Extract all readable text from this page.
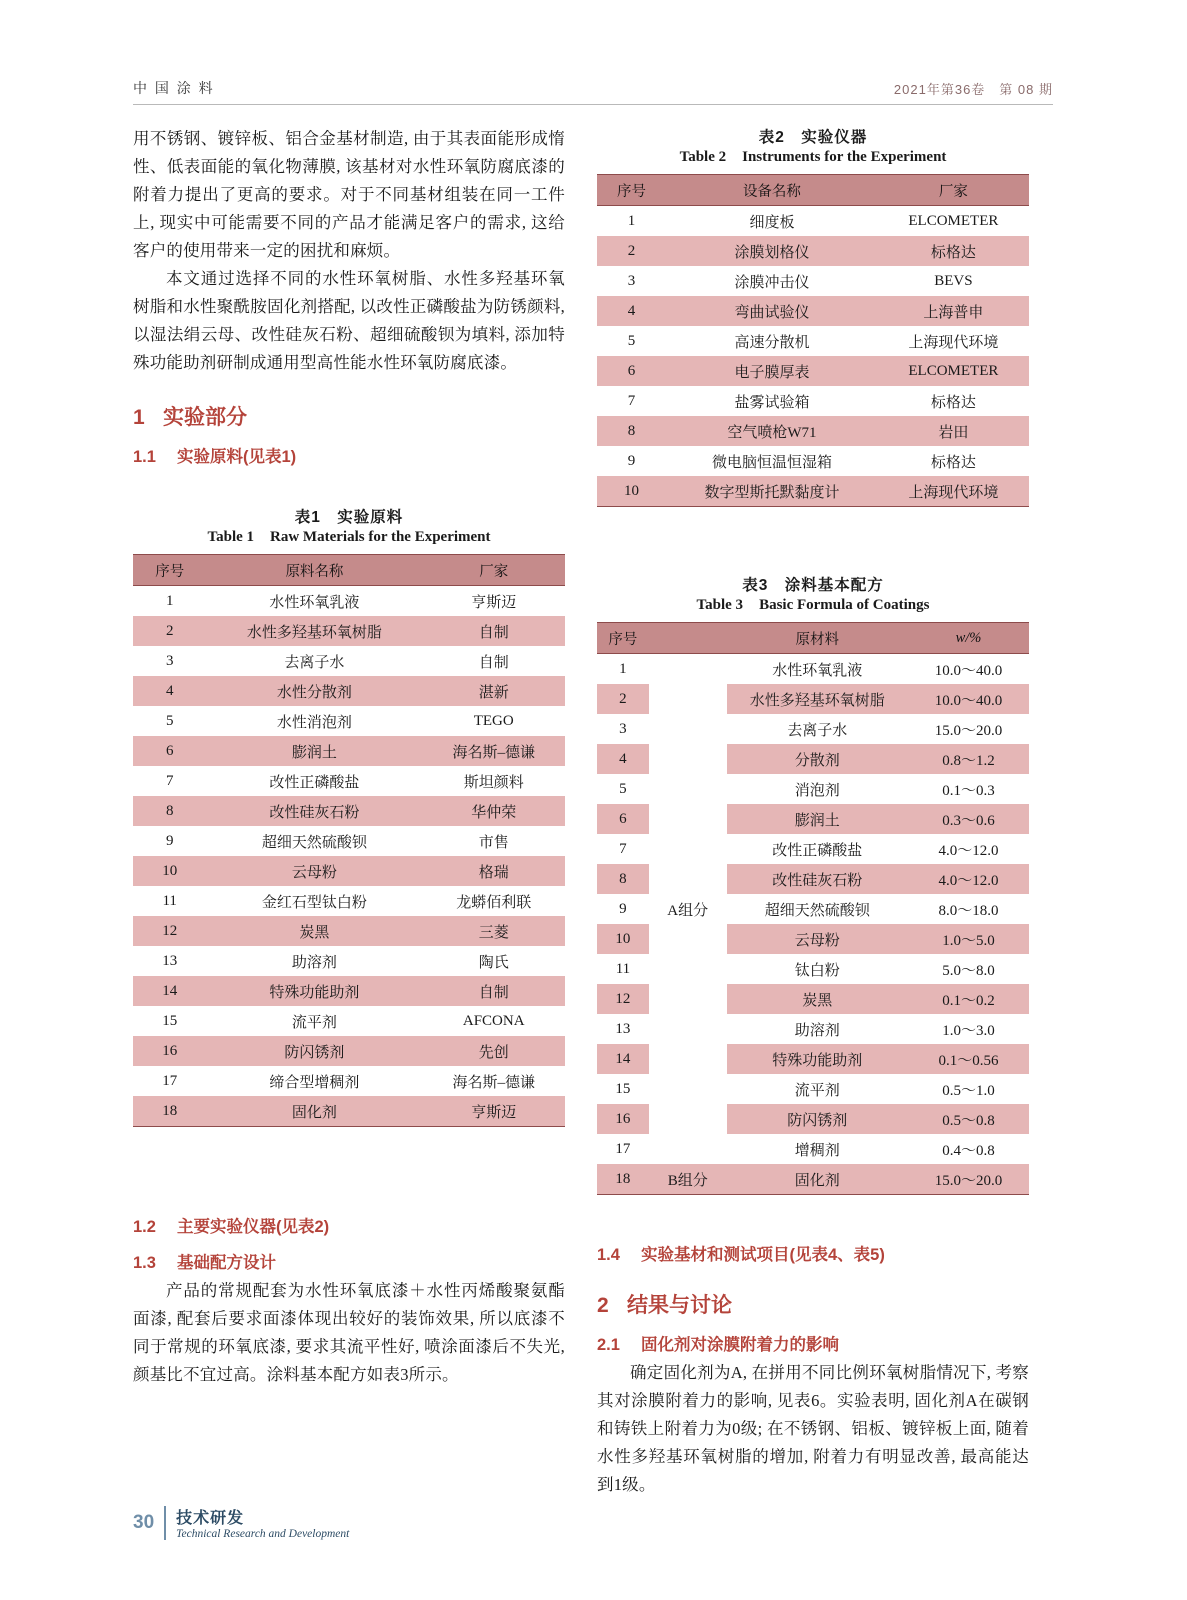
中 国 涂 料	2021年第36卷　第 08 期

用不锈钢、镀锌板、铝合金基材制造, 由于其表面能形成惰性、低表面能的氧化物薄膜, 该基材对水性环氧防腐底漆的附着力提出了更高的要求。对于不同基材组装在同一工件上, 现实中可能需要不同的产品才能满足客户的需求, 这给客户的使用带来一定的困扰和麻烦。

本文通过选择不同的水性环氧树脂、水性多羟基环氧树脂和水性聚酰胺固化剂搭配, 以改性正磷酸盐为防锈颜料, 以湿法绢云母、改性硅灰石粉、超细硫酸钡为填料, 添加特殊功能助剂研制成通用型高性能水性环氧防腐底漆。

1 实验部分
1.1	实验原料(见表1)
表1　实验原料
Table 1 Raw Materials for the Experiment
序号	原料名称	厂家
1	水性环氧乳液	亨斯迈
2	水性多羟基环氧树脂	自制
3	去离子水	自制
4	水性分散剂	湛新
5	水性消泡剂	TEGO
6	膨润土	海名斯–德谦
7	改性正磷酸盐	斯坦颜料
8	改性硅灰石粉	华仲荣
9	超细天然硫酸钡	市售
10	云母粉	格瑞
11	金红石型钛白粉	龙蟒佰利联
12	炭黑	三菱
13	助溶剂	陶氏
14	特殊功能助剂	自制
15	流平剂	AFCONA
16	防闪锈剂	先创
17	缔合型增稠剂	海名斯–德谦
18	固化剂	亨斯迈
1.2	主要实验仪器(见表2)
1.3	基础配方设计

产品的常规配套为水性环氧底漆＋水性丙烯酸聚氨酯面漆, 配套后要求面漆体现出较好的装饰效果, 所以底漆不同于常规的环氧底漆, 要求其流平性好, 喷涂面漆后不失光, 颜基比不宜过高。涂料基本配方如表3所示。

表2　实验仪器
Table 2 Instruments for the Experiment
序号	设备名称	厂家
1	细度板	ELCOMETER
2	涂膜划格仪	标格达
3	涂膜冲击仪	BEVS
4	弯曲试验仪	上海普申
5	高速分散机	上海现代环境
6	电子膜厚表	ELCOMETER
7	盐雾试验箱	标格达
8	空气喷枪W71	岩田
9	微电脑恒温恒湿箱	标格达
10	数字型斯托默黏度计	上海现代环境
表3　涂料基本配方
Table 3 Basic Formula of Coatings
序号		原材料	w/%
1	A组分	水性环氧乳液	10.0～40.0
2		水性多羟基环氧树脂	10.0～40.0
3		去离子水	15.0～20.0
4		分散剂	0.8～1.2
5		消泡剂	0.1～0.3
6		膨润土	0.3～0.6
7		改性正磷酸盐	4.0～12.0
8		改性硅灰石粉	4.0～12.0
9		超细天然硫酸钡	8.0～18.0
10		云母粉	1.0～5.0
11		钛白粉	5.0～8.0
12		炭黑	0.1～0.2
13		助溶剂	1.0～3.0
14		特殊功能助剂	0.1～0.56
15		流平剂	0.5～1.0
16		防闪锈剂	0.5～0.8
17		增稠剂	0.4～0.8
18	B组分	固化剂	15.0～20.0
1.4	实验基材和测试项目(见表4、表5)
2 结果与讨论
2.1	固化剂对涂膜附着力的影响

确定固化剂为A, 在拼用不同比例环氧树脂情况下, 考察其对涂膜附着力的影响, 见表6。实验表明, 固化剂A在碳钢和铸铁上附着力为0级; 在不锈钢、铝板、镀锌板上面, 随着水性多羟基环氧树脂的增加, 附着力有明显改善, 最高能达到1级。

30 技术研发
Technical Research and Development
